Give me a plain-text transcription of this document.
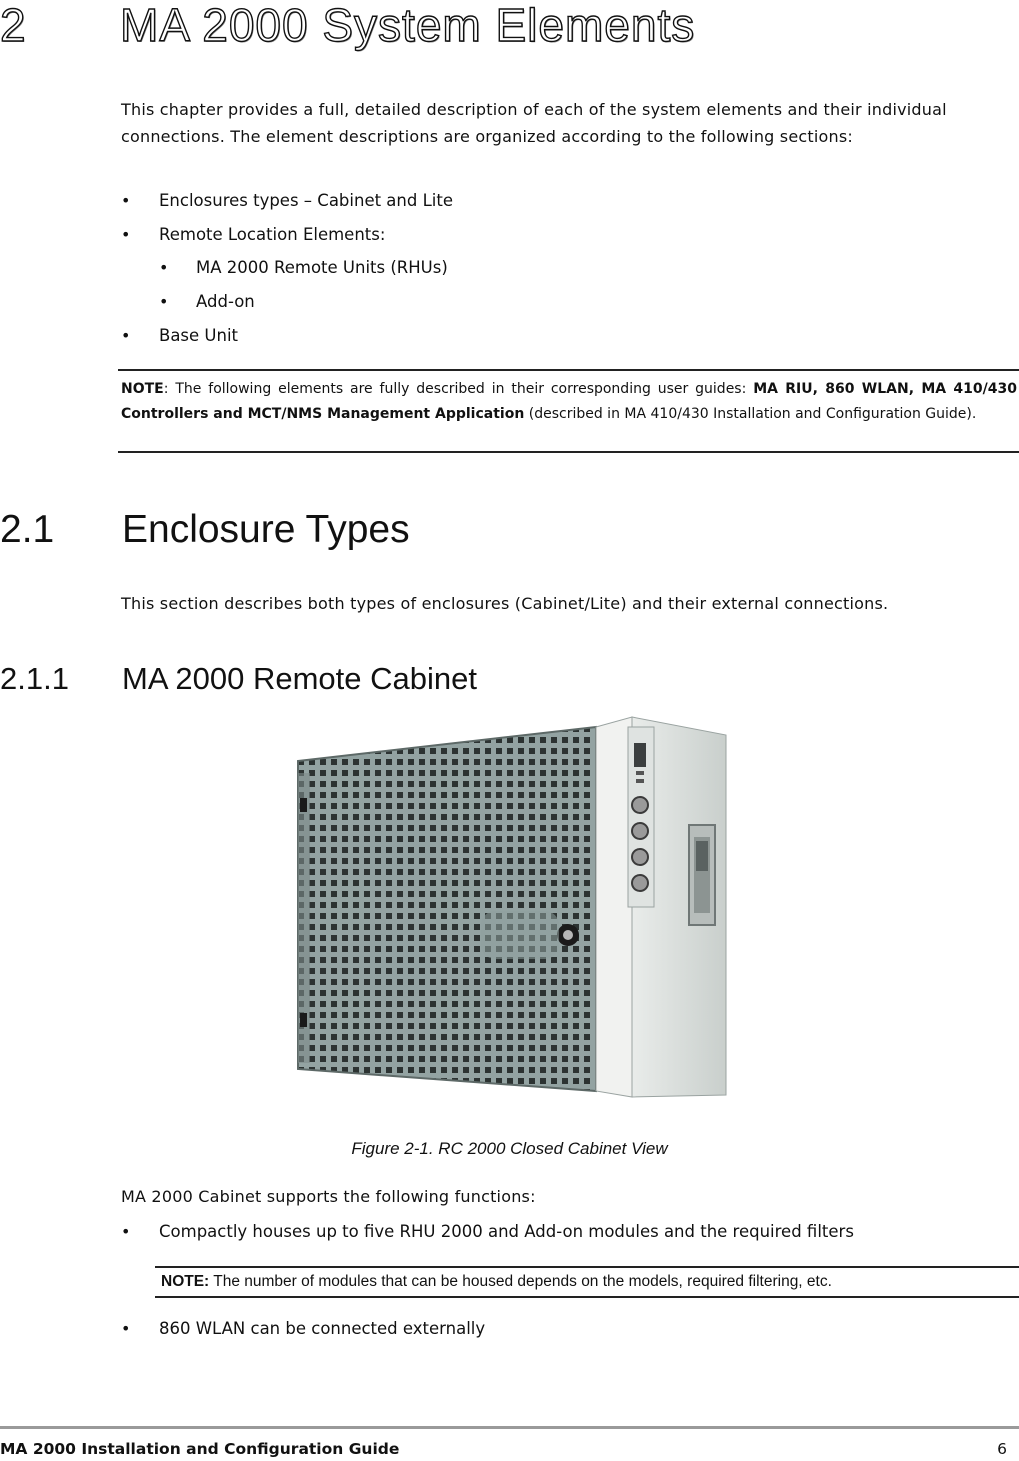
2 MA 2000 System Elements

This chapter provides a full, detailed description of each of the system elements and their individual connections. The element descriptions are organized according to the following sections:

• Enclosures types – Cabinet and Lite
• Remote Location Elements:
• MA 2000 Remote Units (RHUs)
• Add-on
• Base Unit
NOTE: The following elements are fully described in their corresponding user guides: MA RIU, 860 WLAN, MA 410/430 Controllers and MCT/NMS Management Application (described in MA 410/430 Installation and Configuration Guide).
2.1 Enclosure Types

This section describes both types of enclosures (Cabinet/Lite) and their external connections.

2.1.1 MA 2000 Remote Cabinet
Figure 2-1. RC 2000 Closed Cabinet View

MA 2000 Cabinet supports the following functions:

• Compactly houses up to five RHU 2000 and Add-on modules and the required filters
NOTE: The number of modules that can be housed depends on the models, required filtering, etc.
• 860 WLAN can be connected externally
MA 2000 Installation and Configuration Guide	6
